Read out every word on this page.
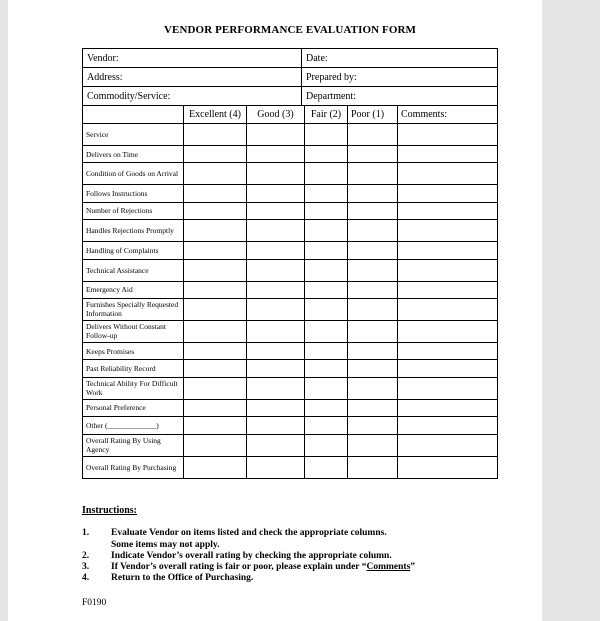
VENDOR PERFORMANCE EVALUATION FORM
Vendor:	Date:
Address:	Prepared by:
Commodity/Service:	Department:
	Excellent (4)	Good (3)	Fair (2)	Poor (1)	Comments:
Service					
Delivers on Time					
Condition of Goods on Arrival					
Follows Instructions					
Number of Rejections					
Handles Rejections Promptly					
Handling of Complaints					
Technical Assistance					
Emergency Aid					
Furnishes Specially Requested Information					
Delivers Without Constant Follow-up					
Keeps Promises					
Past Reliability Record					
Technical Ability For Difficult Work					
Personal Preference					
Other (_____________)					
Overall Rating By Using Agency					
Overall Rating By Purchasing					
Instructions:
1. Evaluate Vendor on items listed and check the appropriate columns.
Some items may not apply.
2. Indicate Vendor’s overall rating by checking the appropriate column.
3. If Vendor’s overall rating is fair or poor, please explain under “Comments”
4. Return to the Office of Purchasing.
F0190
